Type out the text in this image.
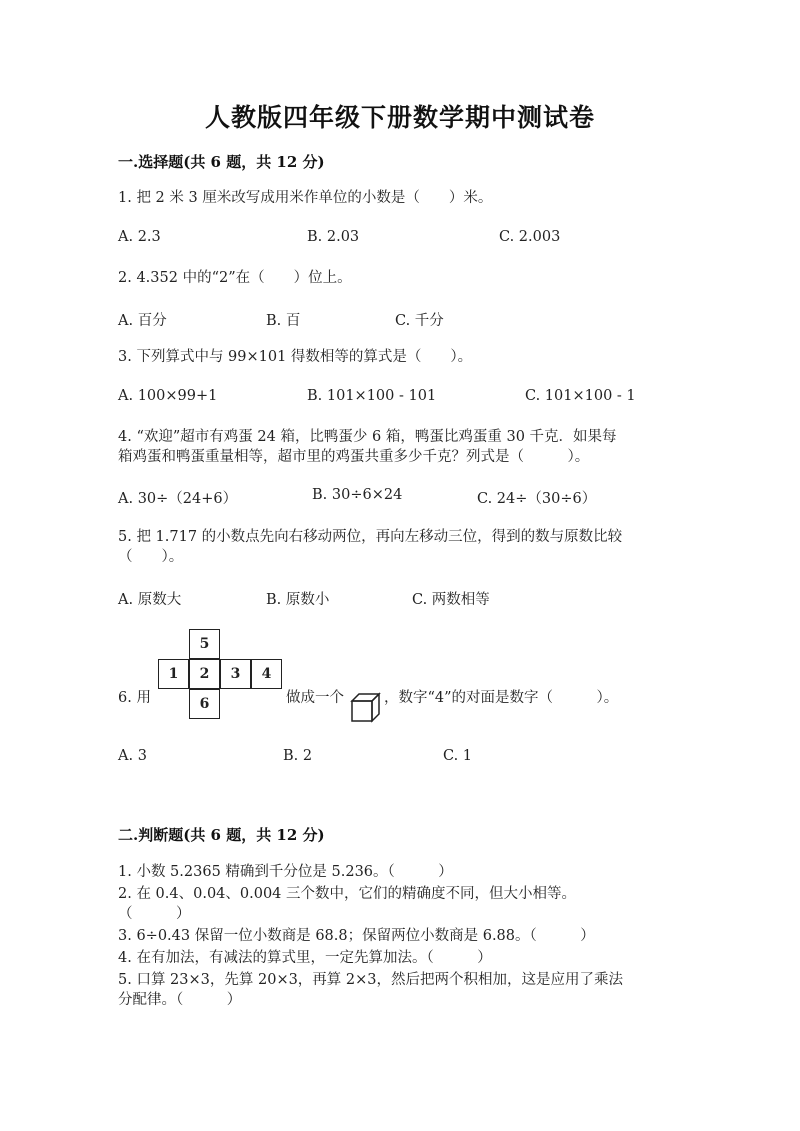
人教版四年级下册数学期中测试卷
一.选择题(共 6 题，共 12 分)
1. 把 2 米 3 厘米改写成用米作单位的小数是（　　）米。
A. 2.3	B. 2.03	C. 2.003
2. 4.352 中的“2”在（　　）位上。
A. 百分	B. 百	C. 千分
3. 下列算式中与 99×101 得数相等的算式是（　　）。
A. 100×99+1	B. 101×100 - 101	C. 101×100 - 1
4. “欢迎”超市有鸡蛋 24 箱，比鸭蛋少 6 箱，鸭蛋比鸡蛋重 30 千克．如果每
箱鸡蛋和鸭蛋重量相等，超市里的鸡蛋共重多少千克？列式是（　　　）。
A. 30÷（24+6）	B. 30÷6×24	C. 24÷（30÷6）
5. 把 1.717 的小数点先向右移动两位，再向左移动三位，得到的数与原数比较
（　　）。
A. 原数大	B. 原数小	C. 两数相等
6. 用
5
1	2	3	4
6	做成一个	，数字“4”的对面是数字（　　　）。
A. 3	B. 2	C. 1
二.判断题(共 6 题，共 12 分)
1. 小数 5.2365 精确到千分位是 5.236。（　　　）
2. 在 0.4、0.04、0.004 三个数中，它们的精确度不同，但大小相等。
（　　　）
3. 6÷0.43 保留一位小数商是 68.8；保留两位小数商是 6.88。（　　　）
4. 在有加法，有减法的算式里，一定先算加法。（　　　）
5. 口算 23×3，先算 20×3，再算 2×3，然后把两个积相加，这是应用了乘法
分配律。（　　　）
